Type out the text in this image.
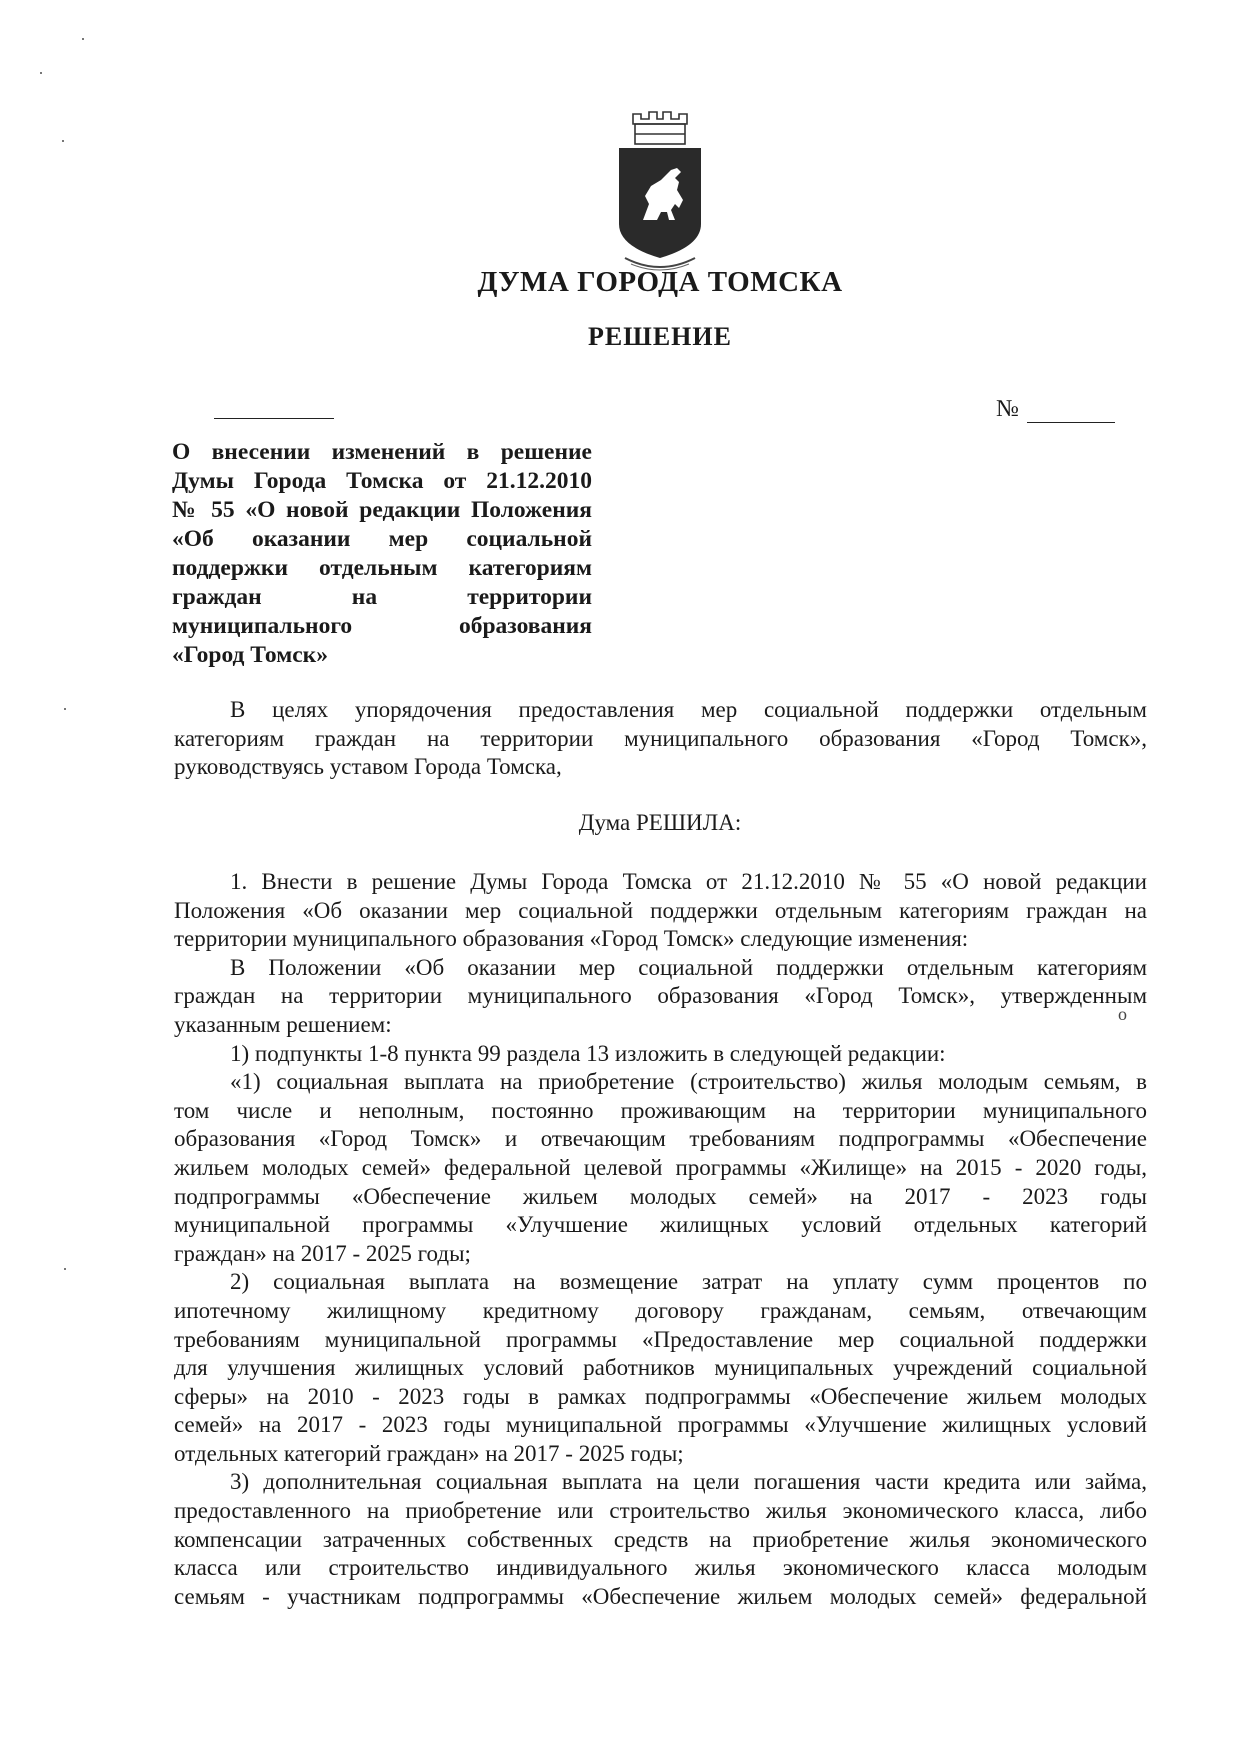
ДУМА ГОРОДА ТОМСКА
РЕШЕНИЕ
№
О внесении изменений в решение
Думы Города Томска от 21.12.2010
№ 55 «О новой редакции Положения
«Об оказании мер социальной
поддержки отдельным категориям
граждан на территории
муниципального образования
«Город Томск»
В целях упорядочения предоставления мер социальной поддержки отдельным
категориям граждан на территории муниципального образования «Город Томск»,
руководствуясь уставом Города Томска,
Дума РЕШИЛА:
1. Внести в решение Думы Города Томска от 21.12.2010 № 55 «О новой редакции
Положения «Об оказании мер социальной поддержки отдельным категориям граждан на
территории муниципального образования «Город Томск» следующие изменения:
В Положении «Об оказании мер социальной поддержки отдельным категориям
граждан на территории муниципального образования «Город Томск», утвержденным
указанным решением:
1) подпункты 1-8 пункта 99 раздела 13 изложить в следующей редакции:
«1) социальная выплата на приобретение (строительство) жилья молодым семьям, в
том числе и неполным, постоянно проживающим на территории муниципального
образования «Город Томск» и отвечающим требованиям подпрограммы «Обеспечение
жильем молодых семей» федеральной целевой программы «Жилище» на 2015 - 2020 годы,
подпрограммы «Обеспечение жильем молодых семей» на 2017 - 2023 годы
муниципальной программы «Улучшение жилищных условий отдельных категорий
граждан» на 2017 - 2025 годы;
2) социальная выплата на возмещение затрат на уплату сумм процентов по
ипотечному жилищному кредитному договору гражданам, семьям, отвечающим
требованиям муниципальной программы «Предоставление мер социальной поддержки
для улучшения жилищных условий работников муниципальных учреждений социальной
сферы» на 2010 - 2023 годы в рамках подпрограммы «Обеспечение жильем молодых
семей» на 2017 - 2023 годы муниципальной программы «Улучшение жилищных условий
отдельных категорий граждан» на 2017 - 2025 годы;
3) дополнительная социальная выплата на цели погашения части кредита или займа,
предоставленного на приобретение или строительство жилья экономического класса, либо
компенсации затраченных собственных средств на приобретение жилья экономического
класса или строительство индивидуального жилья экономического класса молодым
семьям - участникам подпрограммы «Обеспечение жильем молодых семей» федеральной
о
